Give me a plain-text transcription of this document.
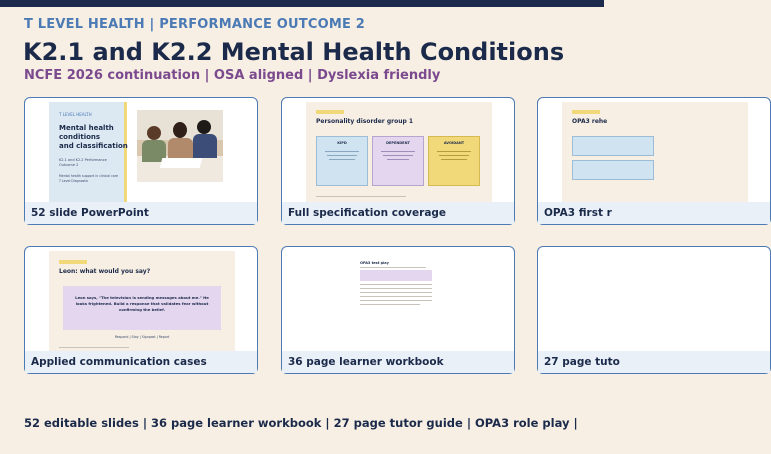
T LEVEL HEALTH | PERFORMANCE OUTCOME 2
K2.1 and K2.2 Mental Health Conditions
NCFE 2026 continuation | OSA aligned | Dyslexia friendly
T LEVEL HEALTH
Mental health
conditions
and classification
K2.1 and K2.2 Performance
Outcome 2
Mental health support in clinical care
T Level Diagnostic
52 slide PowerPoint
Personality disorder group 1
KIPD	DEPENDENT	AVOIDANT
Full specification coverage
OPA3 rehe
OPA3 first r
Leon: what would you say?
Leon says, "The television is sending messages about me." He
looks frightened. Build a response that validates fear without
confirming the belief.
Respond | Stay | Signpost | Report
Applied communication cases
OPA3 test play
36 page learner workbook	27 page tuto
52 editable slides | 36 page learner workbook | 27 page tutor guide | OPA3 role play |
